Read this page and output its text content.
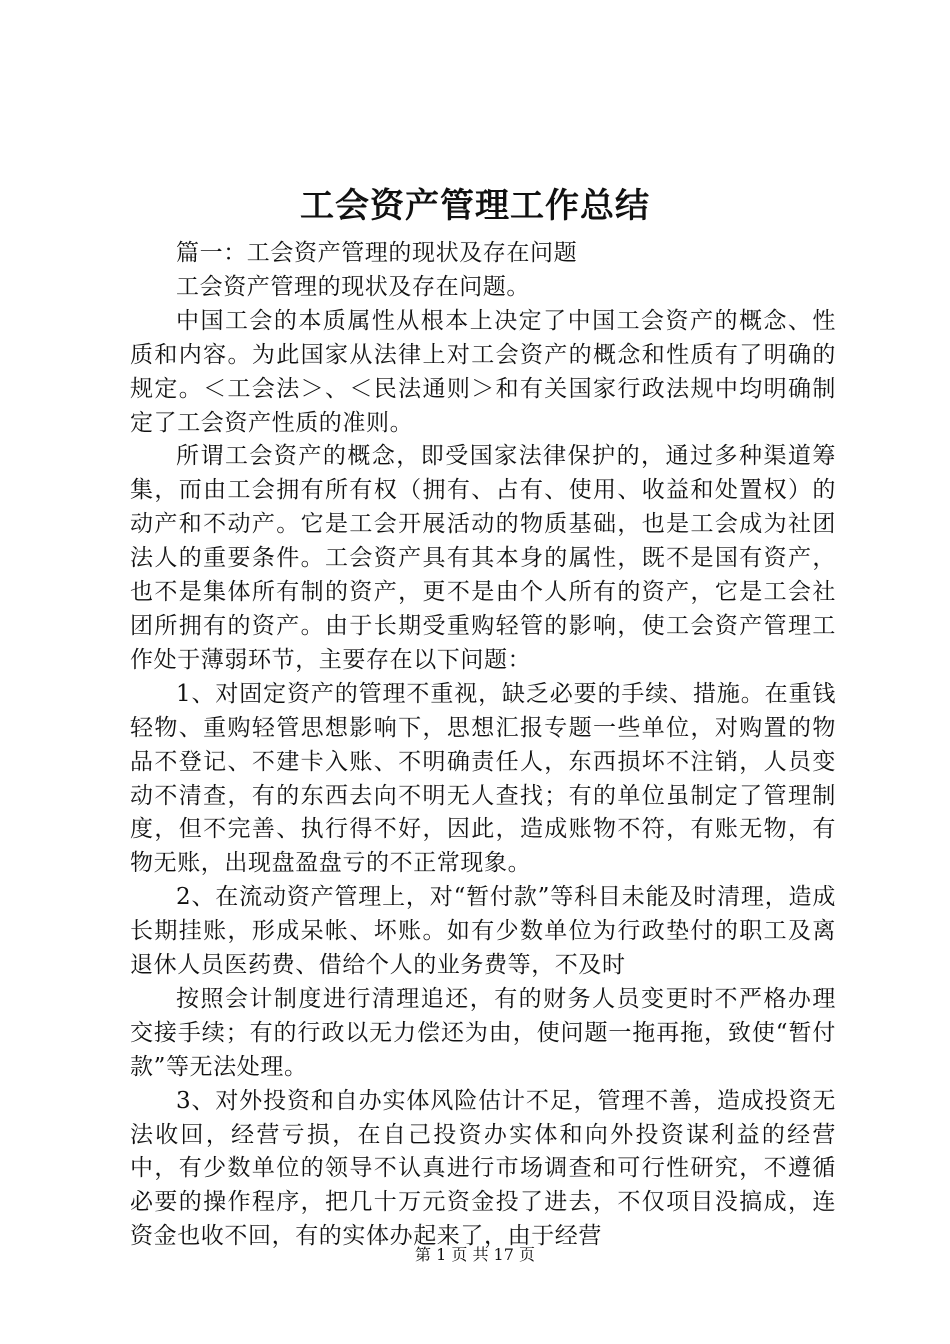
工会资产管理工作总结

篇一：工会资产管理的现状及存在问题

工会资产管理的现状及存在问题。

中国工会的本质属性从根本上决定了中国工会资产的概念、性质和内容。为此国家从法律上对工会资产的概念和性质有了明确的规定。＜工会法＞、＜民法通则＞和有关国家行政法规中均明确制定了工会资产性质的准则。

所谓工会资产的概念，即受国家法律保护的，通过多种渠道筹集，而由工会拥有所有权（拥有、占有、使用、收益和处置权）的动产和不动产。它是工会开展活动的物质基础，也是工会成为社团法人的重要条件。工会资产具有其本身的属性，既不是国有资产，也不是集体所有制的资产，更不是由个人所有的资产，它是工会社团所拥有的资产。由于长期受重购轻管的影响，使工会资产管理工作处于薄弱环节，主要存在以下问题：

1、对固定资产的管理不重视，缺乏必要的手续、措施。在重钱轻物、重购轻管思想影响下，思想汇报专题一些单位，对购置的物品不登记、不建卡入账、不明确责任人，东西损坏不注销，人员变动不清查，有的东西去向不明无人查找；有的单位虽制定了管理制度，但不完善、执行得不好，因此，造成账物不符，有账无物，有物无账，出现盘盈盘亏的不正常现象。

2、在流动资产管理上，对“暂付款”等科目未能及时清理，造成长期挂账，形成呆帐、坏账。如有少数单位为行政垫付的职工及离退休人员医药费、借给个人的业务费等，不及时

按照会计制度进行清理追还，有的财务人员变更时不严格办理交接手续；有的行政以无力偿还为由，使问题一拖再拖，致使“暂付款”等无法处理。

3、对外投资和自办实体风险估计不足，管理不善，造成投资无法收回，经营亏损，在自己投资办实体和向外投资谋利益的经营中，有少数单位的领导不认真进行市场调查和可行性研究，不遵循必要的操作程序，把几十万元资金投了进去，不仅项目没搞成，连资金也收不回，有的实体办起来了，由于经营

第 1 页 共 17 页
